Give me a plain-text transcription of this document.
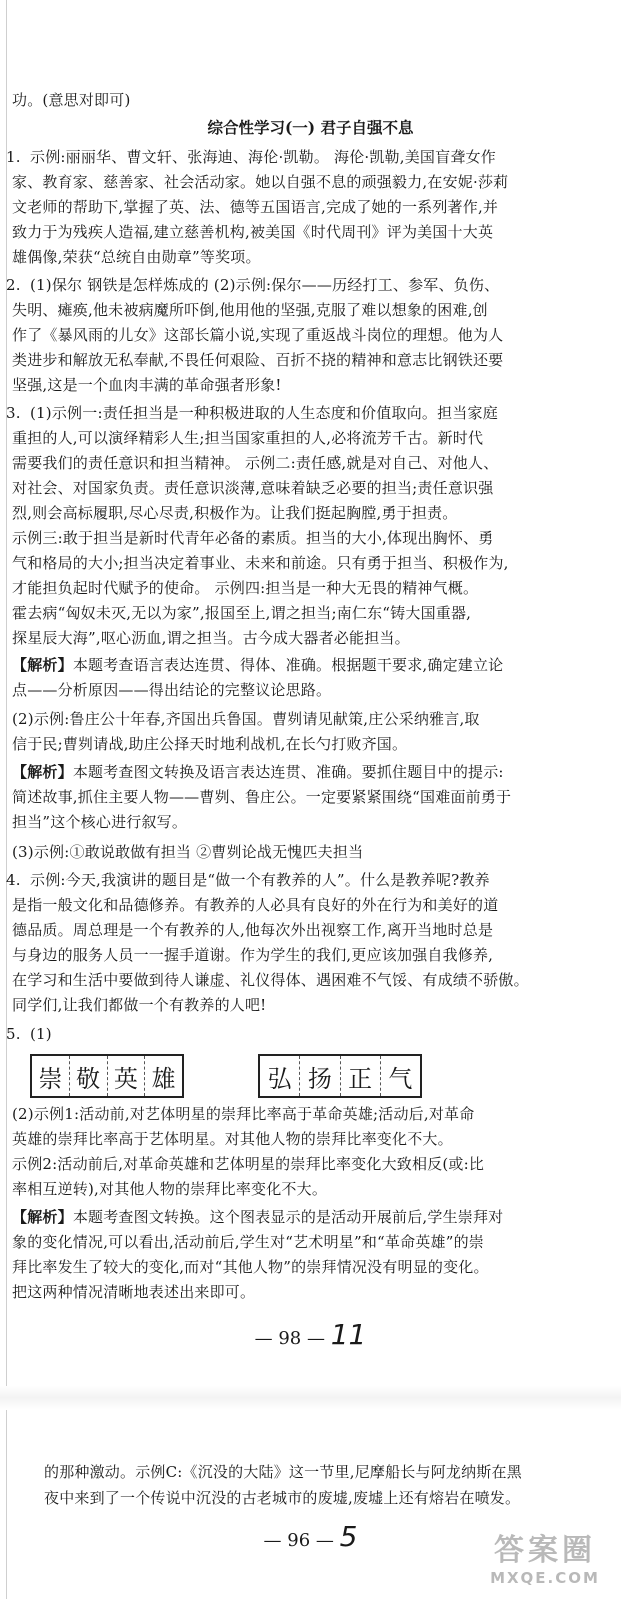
功。(意思对即可)

综合性学习(一) 君子自强不息
1. 示例:丽丽华、曹文轩、张海迪、海伦·凯勒。 海伦·凯勒,美国盲聋女作

家、教育家、慈善家、社会活动家。她以自强不息的顽强毅力,在安妮·莎莉

文老师的帮助下,掌握了英、法、德等五国语言,完成了她的一系列著作,并

致力于为残疾人造福,建立慈善机构,被美国《时代周刊》评为美国十大英

雄偶像,荣获“总统自由勋章”等奖项。

2. (1)保尔 钢铁是怎样炼成的 (2)示例:保尔——历经打工、参军、负伤、

失明、瘫痪,他未被病魔所吓倒,他用他的坚强,克服了难以想象的困难,创

作了《暴风雨的儿女》这部长篇小说,实现了重返战斗岗位的理想。他为人

类进步和解放无私奉献,不畏任何艰险、百折不挠的精神和意志比钢铁还要

坚强,这是一个血肉丰满的革命强者形象!

3. (1)示例一:责任担当是一种积极进取的人生态度和价值取向。担当家庭

重担的人,可以演绎精彩人生;担当国家重担的人,必将流芳千古。新时代

需要我们的责任意识和担当精神。 示例二:责任感,就是对自己、对他人、

对社会、对国家负责。责任意识淡薄,意味着缺乏必要的担当;责任意识强

烈,则会高标履职,尽心尽责,积极作为。让我们挺起胸膛,勇于担责。

示例三:敢于担当是新时代青年必备的素质。担当的大小,体现出胸怀、勇

气和格局的大小;担当决定着事业、未来和前途。只有勇于担当、积极作为,

才能担负起时代赋予的使命。 示例四:担当是一种大无畏的精神气概。

霍去病“匈奴未灭,无以为家”,报国至上,谓之担当;南仁东“铸大国重器,

探星辰大海”,呕心沥血,谓之担当。古今成大器者必能担当。

【解析】本题考查语言表达连贯、得体、准确。根据题干要求,确定建立论

点——分析原因——得出结论的完整议论思路。

(2)示例:鲁庄公十年春,齐国出兵鲁国。曹刿请见献策,庄公采纳雅言,取

信于民;曹刿请战,助庄公择天时地利战机,在长勺打败齐国。

【解析】本题考查图文转换及语言表达连贯、准确。要抓住题目中的提示:

简述故事,抓住主要人物——曹刿、鲁庄公。一定要紧紧围绕“国难面前勇于

担当”这个核心进行叙写。

(3)示例:①敢说敢做有担当 ②曹刿论战无愧匹夫担当

4. 示例:今天,我演讲的题目是“做一个有教养的人”。什么是教养呢?教养

是指一般文化和品德修养。有教养的人必具有良好的外在行为和美好的道

德品质。周总理是一个有教养的人,他每次外出视察工作,离开当地时总是

与身边的服务人员一一握手道谢。作为学生的我们,更应该加强自我修养,

在学习和生活中要做到待人谦虚、礼仪得体、遇困难不气馁、有成绩不骄傲。

同学们,让我们都做一个有教养的人吧!

5. (1)

崇 敬 英 雄	弘 扬 正 气

(2)示例1:活动前,对艺体明星的崇拜比率高于革命英雄;活动后,对革命

英雄的崇拜比率高于艺体明星。对其他人物的崇拜比率变化不大。

示例2:活动前后,对革命英雄和艺体明星的崇拜比率变化大致相反(或:比

率相互逆转),对其他人物的崇拜比率变化不大。

【解析】本题考查图文转换。这个图表显示的是活动开展前后,学生崇拜对

象的变化情况,可以看出,活动前后,学生对“艺术明星”和“革命英雄”的崇

拜比率发生了较大的变化,而对“其他人物”的崇拜情况没有明显的变化。

把这两种情况清晰地表述出来即可。

— 98 — 11

的那种激动。示例C:《沉没的大陆》这一节里,尼摩船长与阿龙纳斯在黑

夜中来到了一个传说中沉没的古老城市的废墟,废墟上还有熔岩在喷发。

— 96 — 5	答案圈
MXQE.COM
